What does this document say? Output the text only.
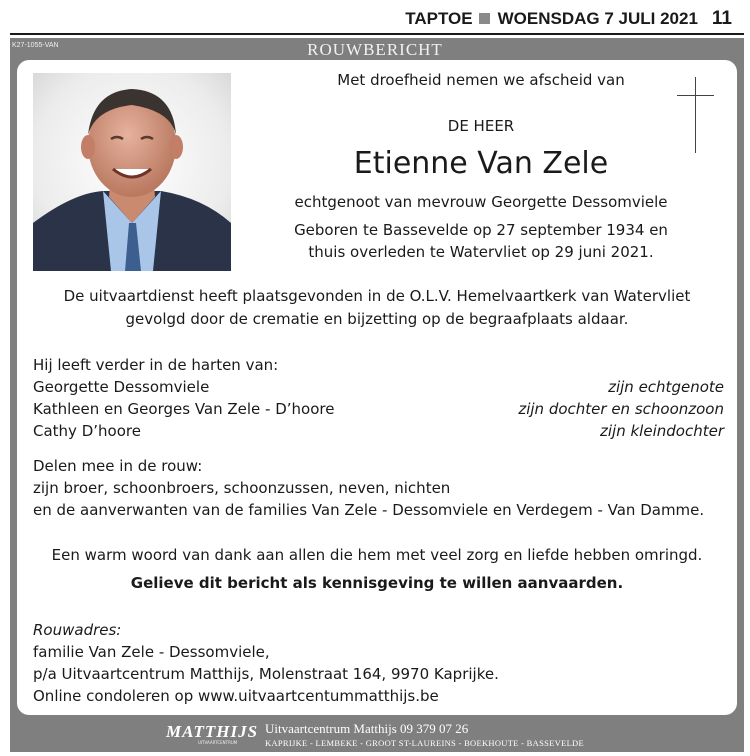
TAPTOE WOENSDAG 7 JULI 2021 11
K27-1055-VAN	ROUWBERICHT
Met droefheid nemen we afscheid van
DE HEER
Etienne Van Zele
echtgenoot van mevrouw Georgette Dessomviele
Geboren te Bassevelde op 27 september 1934 en
thuis overleden te Watervliet op 29 juni 2021.
De uitvaartdienst heeft plaatsgevonden in de O.L.V. Hemelvaartkerk van Watervliet
gevolgd door de crematie en bijzetting op de begraafplaats aldaar.
Hij leeft verder in de harten van:
Georgette Dessomviele	zijn echtgenote
Kathleen en Georges Van Zele - D’hoore	zijn dochter en schoonzoon
Cathy D’hoore	zijn kleindochter
Delen mee in de rouw:
zijn broer, schoonbroers, schoonzussen, neven, nichten
en de aanverwanten van de families Van Zele - Dessomviele en Verdegem - Van Damme.
Een warm woord van dank aan allen die hem met veel zorg en liefde hebben omringd.
Gelieve dit bericht als kennisgeving te willen aanvaarden.
Rouwadres:
familie Van Zele - Dessomviele,
p/a Uitvaartcentrum Matthijs, Molenstraat 164, 9970 Kaprijke.
Online condoleren op www.uitvaartcentummatthijs.be
MATTHIJS
UITVAARTCENTRUM
Uitvaartcentrum Matthijs 09 379 07 26
KAPRIJKE - LEMBEKE - GROOT ST-LAUREINS - BOEKHOUTE - BASSEVELDE
